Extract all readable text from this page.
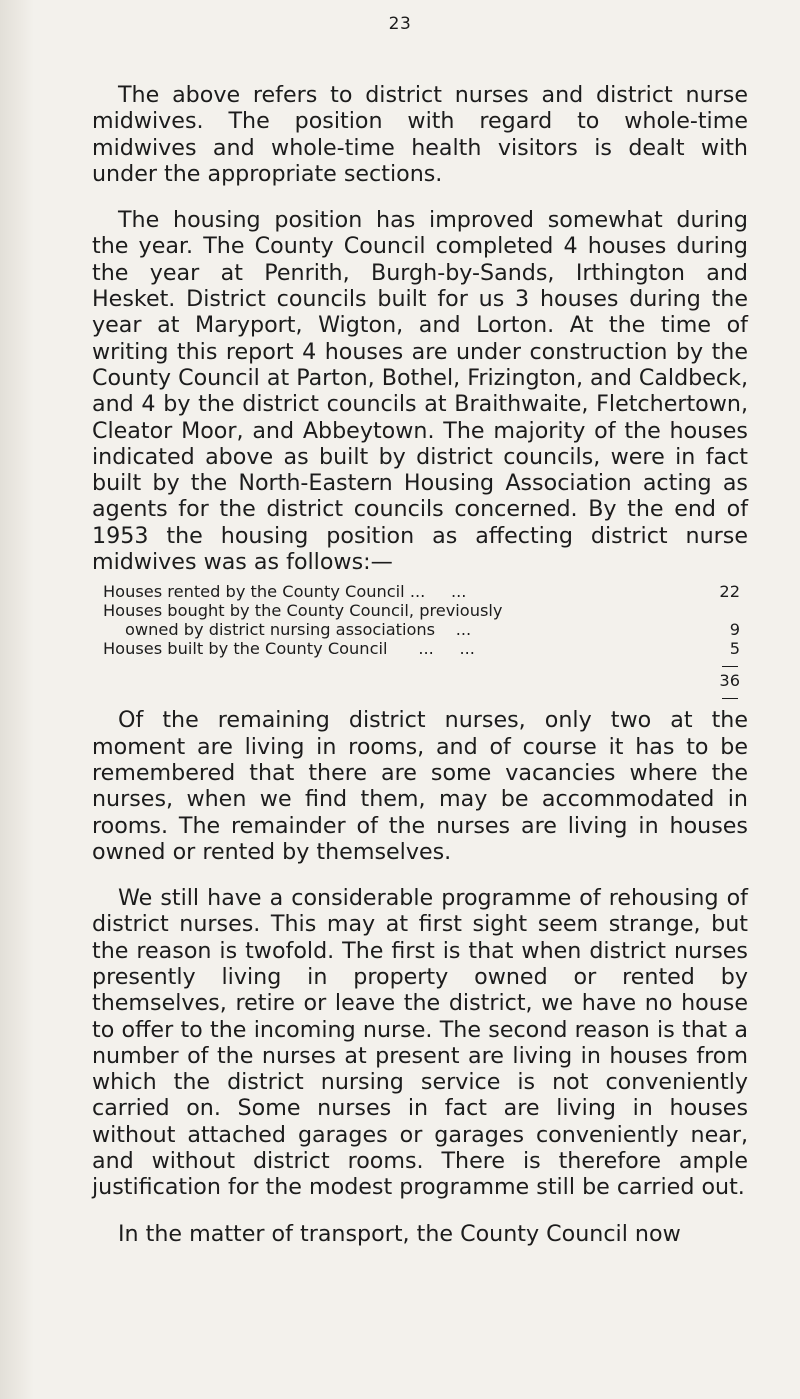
23

The above refers to district nurses and district nurse midwives. The position with regard to whole-time midwives and whole-time health visitors is dealt with under the appropriate sections.

The housing position has improved somewhat during the year. The County Council completed 4 houses during the year at Penrith, Burgh-by-Sands, Irthington and Hesket. District councils built for us 3 houses during the year at Maryport, Wigton, and Lorton. At the time of writing this report 4 houses are under construction by the County Council at Parton, Bothel, Frizington, and Caldbeck, and 4 by the district councils at Braithwaite, Fletchertown, Cleator Moor, and Abbeytown. The majority of the houses indicated above as built by district councils, were in fact built by the North-Eastern Housing Association acting as agents for the district councils concerned. By the end of 1953 the housing position as affecting district nurse midwives was as follows:—

Houses rented by the County Council ...     ...	22
Houses bought by the County Council, previously
owned by district nursing associations    ...	9
Houses built by the County Council      ...     ...	5
36

Of the remaining district nurses, only two at the moment are living in rooms, and of course it has to be remembered that there are some vacancies where the nurses, when we find them, may be accommodated in rooms. The remainder of the nurses are living in houses owned or rented by themselves.

We still have a considerable programme of rehousing of district nurses. This may at first sight seem strange, but the reason is twofold. The first is that when district nurses presently living in property owned or rented by themselves, retire or leave the district, we have no house to offer to the incoming nurse. The second reason is that a number of the nurses at present are living in houses from which the district nursing service is not conveniently carried on. Some nurses in fact are living in houses without attached garages or garages conveniently near, and without district rooms. There is therefore ample justification for the modest programme still be carried out.

In the matter of transport, the County Council now
